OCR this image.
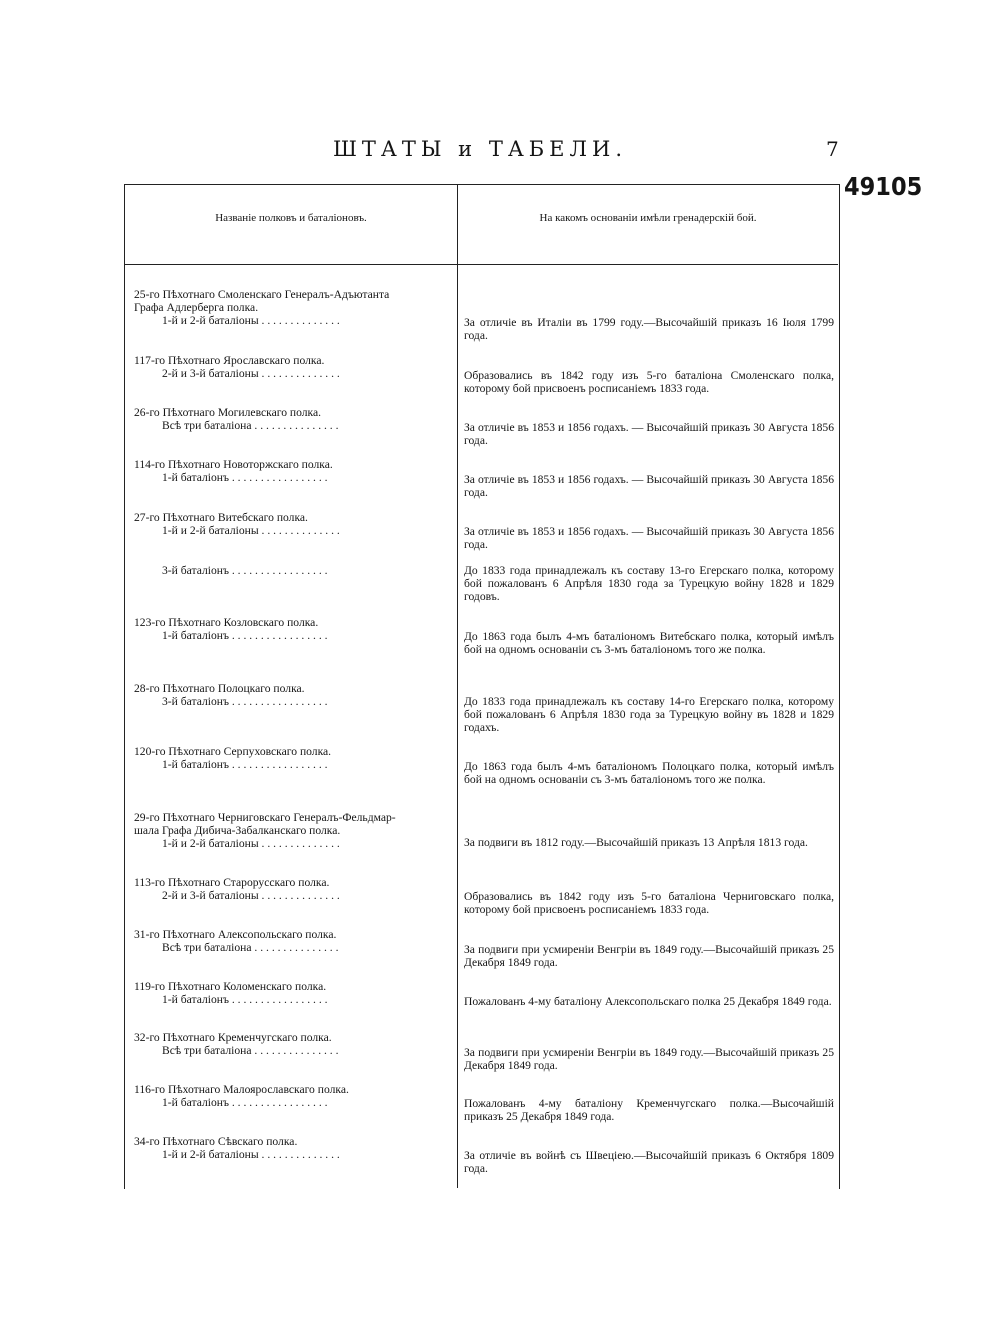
ШТАТЫ и ТАБЕЛИ.	7
49105
Названіе полковъ и баталіоновъ.	На какомъ основаніи имѣли гренадерскій бой.
25-го Пѣхотнаго Смоленскаго Генералъ-Адъютанта
Графа Адлерберга полка.
1-й и 2-й баталіоны . . . . . . . . . . . . . .	За отличіе въ Италіи въ 1799 году.—Высочайшій приказъ 16 Іюля 1799 года.
117-го Пѣхотнаго Ярославскаго полка.
2-й и 3-й баталіоны . . . . . . . . . . . . . .	Образовались въ 1842 году изъ 5-го баталіона Смоленскаго полка, которому бой присвоенъ росписаніемъ 1833 года.
26-го Пѣхотнаго Могилевскаго полка.
Всѣ три баталіона . . . . . . . . . . . . . . .	За отличіе въ 1853 и 1856 годахъ. — Высочайшій приказъ 30 Августа 1856 года.
114-го Пѣхотнаго Новоторжскаго полка.
1-й баталіонъ . . . . . . . . . . . . . . . . .	За отличіе въ 1853 и 1856 годахъ. — Высочайшій приказъ 30 Августа 1856 года.
27-го Пѣхотнаго Витебскаго полка.
1-й и 2-й баталіоны . . . . . . . . . . . . . .	За отличіе въ 1853 и 1856 годахъ. — Высочайшій приказъ 30 Августа 1856 года.
3-й баталіонъ . . . . . . . . . . . . . . . . .	До 1833 года принадлежалъ къ составу 13-го Егерскаго полка, которому бой пожалованъ 6 Апрѣля 1830 года за Турецкую войну 1828 и 1829 годовъ.
123-го Пѣхотнаго Козловскаго полка.
1-й баталіонъ . . . . . . . . . . . . . . . . .	До 1863 года былъ 4-мъ баталіономъ Витебскаго полка, который имѣлъ бой на одномъ основаніи съ 3-мъ баталіономъ того же полка.
28-го Пѣхотнаго Полоцкаго полка.
3-й баталіонъ . . . . . . . . . . . . . . . . .	До 1833 года принадлежалъ къ составу 14-го Егерскаго полка, которому бой пожалованъ 6 Апрѣля 1830 года за Турецкую войну въ 1828 и 1829 годахъ.
120-го Пѣхотнаго Серпуховскаго полка.
1-й баталіонъ . . . . . . . . . . . . . . . . .	До 1863 года былъ 4-мъ баталіономъ Полоцкаго полка, который имѣлъ бой на одномъ основаніи съ 3-мъ баталіономъ того же полка.
29-го Пѣхотнаго Черниговскаго Генералъ-Фельдмар-
шала Графа Дибича-Забалканскаго полка.
1-й и 2-й баталіоны . . . . . . . . . . . . . .	За подвиги въ 1812 году.—Высочайшій приказъ 13 Апрѣля 1813 года.
113-го Пѣхотнаго Старорусскаго полка.
2-й и 3-й баталіоны . . . . . . . . . . . . . .	Образовались въ 1842 году изъ 5-го баталіона Черниговскаго полка, которому бой присвоенъ росписаніемъ 1833 года.
31-го Пѣхотнаго Алексопольскаго полка.
Всѣ три баталіона . . . . . . . . . . . . . . .	За подвиги при усмиреніи Венгріи въ 1849 году.—Высочайшій приказъ 25 Декабря 1849 года.
119-го Пѣхотнаго Коломенскаго полка.
1-й баталіонъ . . . . . . . . . . . . . . . . .	Пожалованъ 4-му баталіону Алексопольскаго полка 25 Декабря 1849 года.
32-го Пѣхотнаго Кременчугскаго полка.
Всѣ три баталіона . . . . . . . . . . . . . . .	За подвиги при усмиреніи Венгріи въ 1849 году.—Высочайшій приказъ 25 Декабря 1849 года.
116-го Пѣхотнаго Малоярославскаго полка.
1-й баталіонъ . . . . . . . . . . . . . . . . .	Пожалованъ 4-му баталіону Кременчугскаго полка.—Высочайшій приказъ 25 Декабря 1849 года.
34-го Пѣхотнаго Сѣвскаго полка.
1-й и 2-й баталіоны . . . . . . . . . . . . . .	За отличіе въ войнѣ съ Швеціею.—Высочайшій приказъ 6 Октября 1809 года.
